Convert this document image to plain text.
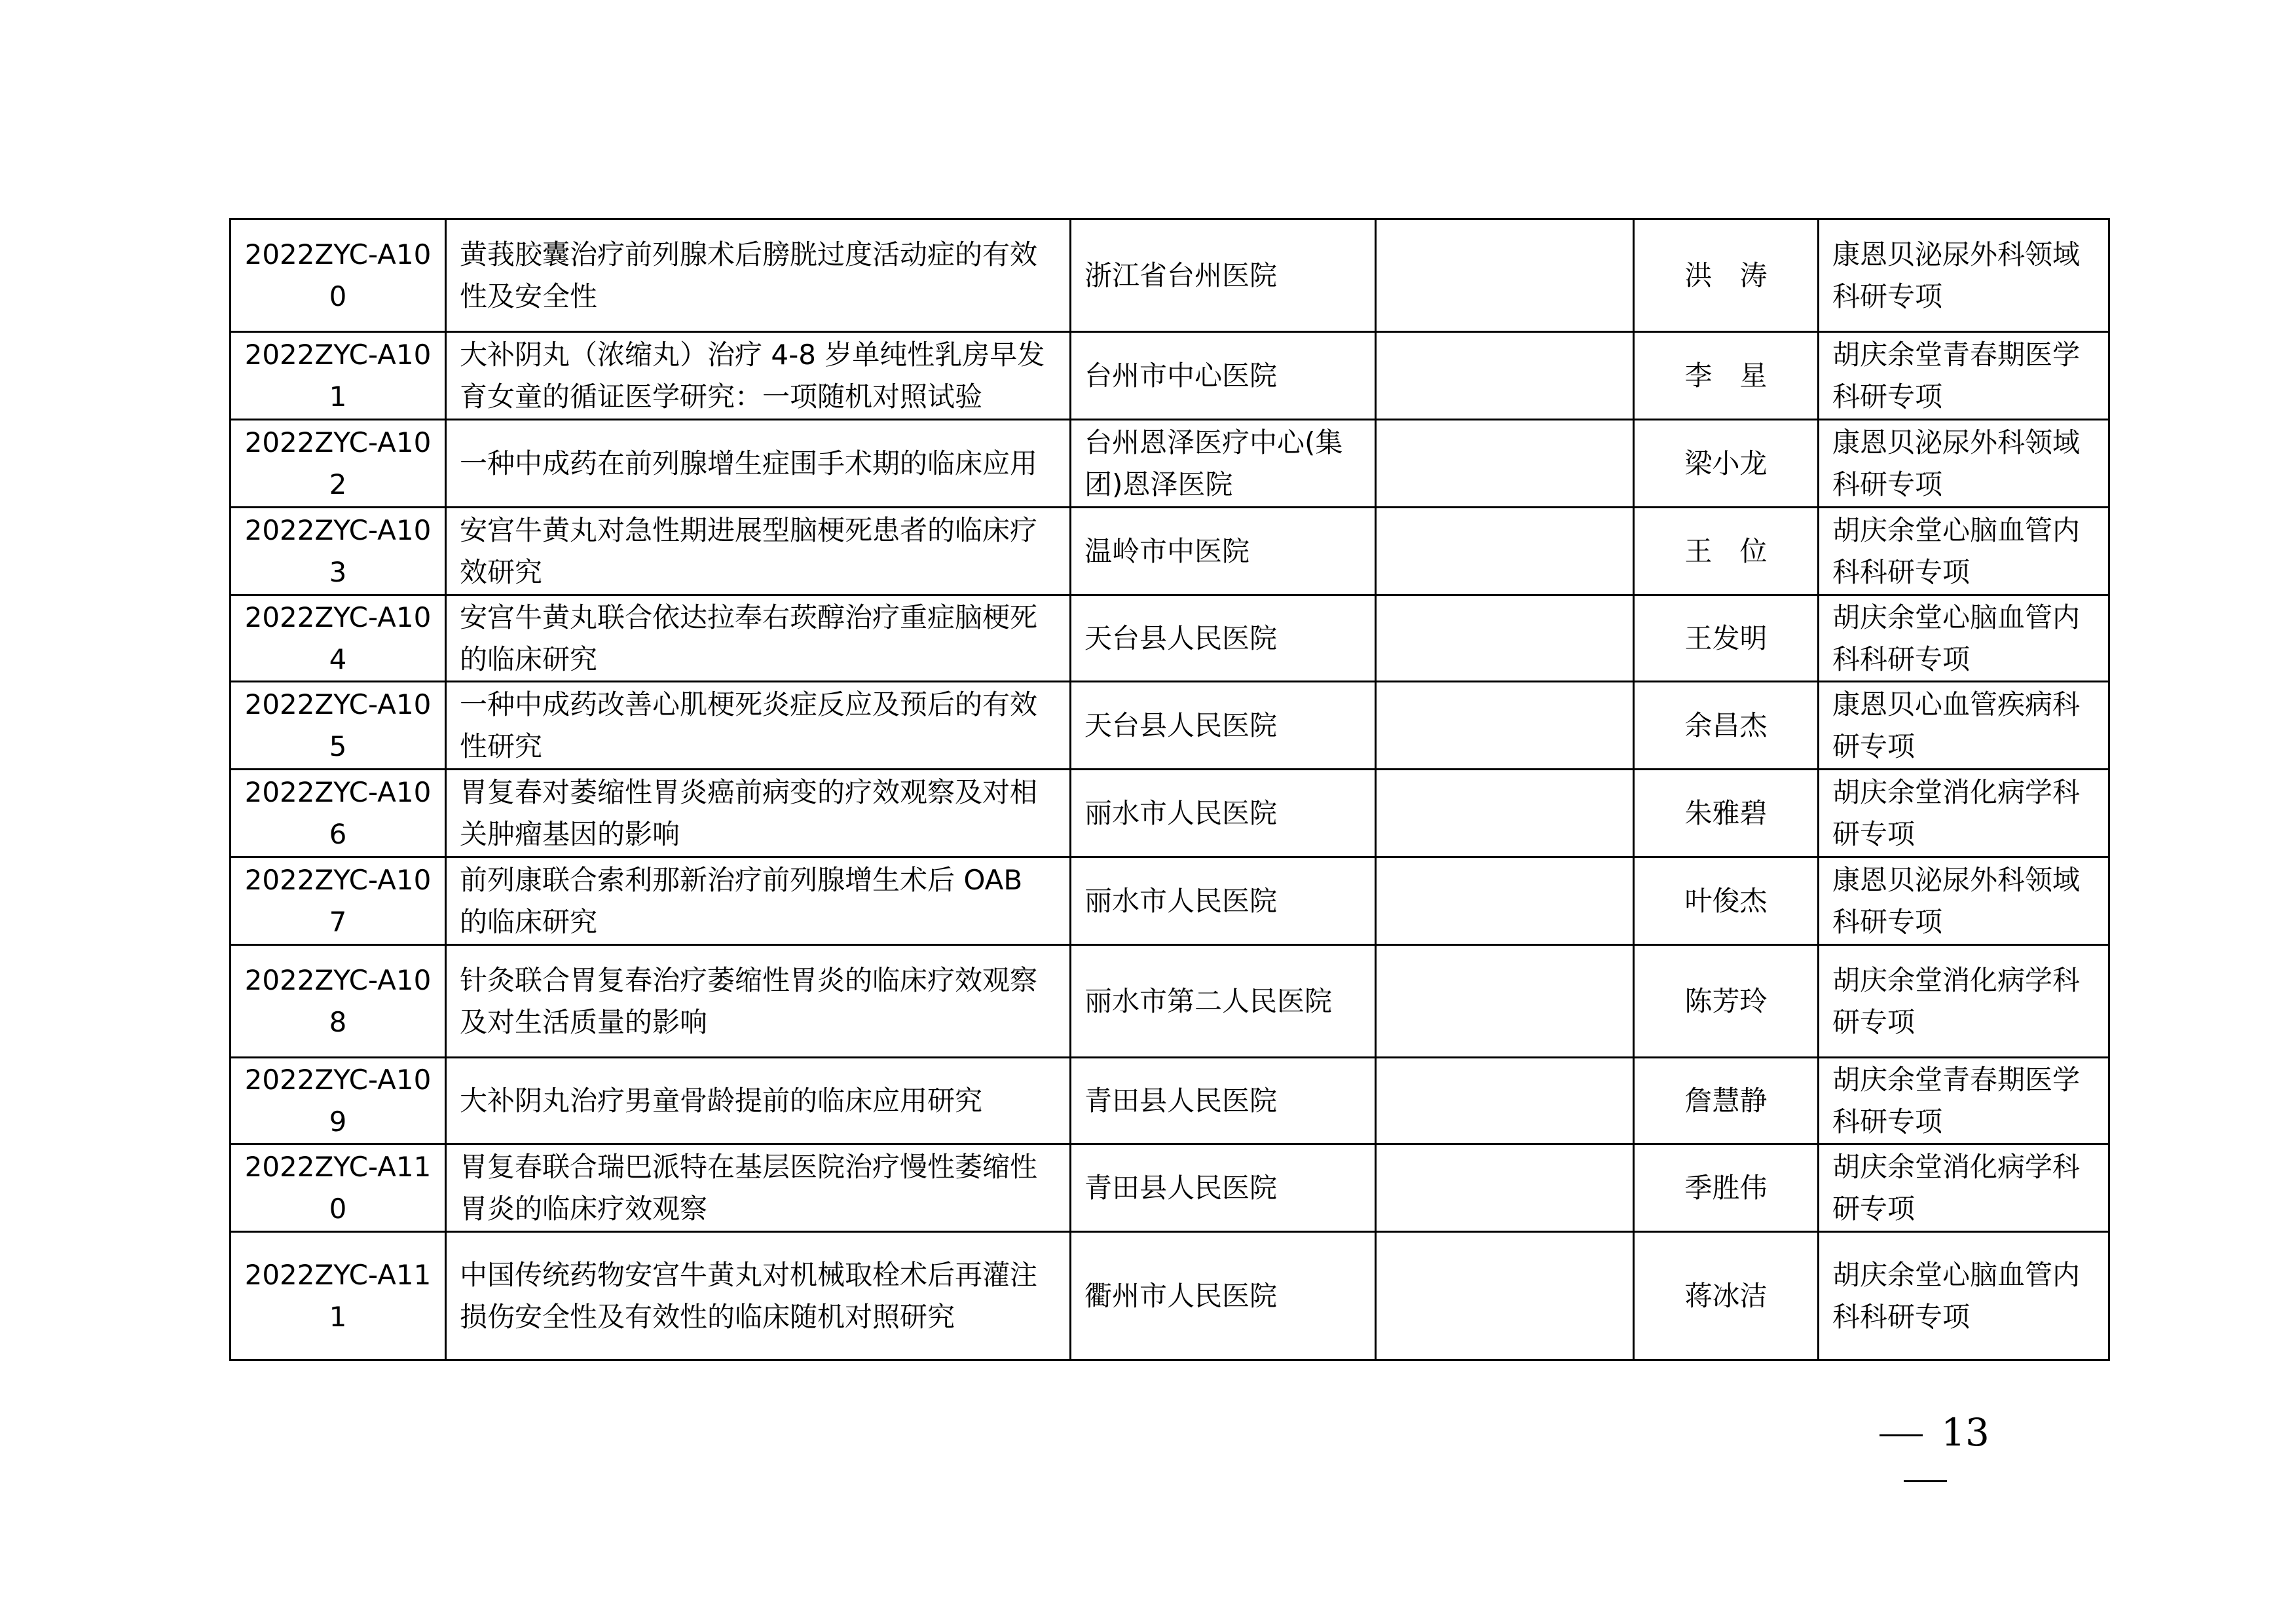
2022ZYC-A100	黄莪胶囊治疗前列腺术后膀胱过度活动症的有效性及安全性	浙江省台州医院		洪　涛	康恩贝泌尿外科领域科研专项
2022ZYC-A101	大补阴丸（浓缩丸）治疗 4-8 岁单纯性乳房早发育女童的循证医学研究：一项随机对照试验	台州市中心医院		李　星	胡庆余堂青春期医学科研专项
2022ZYC-A102	一种中成药在前列腺增生症围手术期的临床应用	台州恩泽医疗中心(集团)恩泽医院		梁小龙	康恩贝泌尿外科领域科研专项
2022ZYC-A103	安宫牛黄丸对急性期进展型脑梗死患者的临床疗效研究	温岭市中医院		王　位	胡庆余堂心脑血管内科科研专项
2022ZYC-A104	安宫牛黄丸联合依达拉奉右莰醇治疗重症脑梗死的临床研究	天台县人民医院		王发明	胡庆余堂心脑血管内科科研专项
2022ZYC-A105	一种中成药改善心肌梗死炎症反应及预后的有效性研究	天台县人民医院		余昌杰	康恩贝心血管疾病科研专项
2022ZYC-A106	胃复春对萎缩性胃炎癌前病变的疗效观察及对相关肿瘤基因的影响	丽水市人民医院		朱雅碧	胡庆余堂消化病学科研专项
2022ZYC-A107	前列康联合索利那新治疗前列腺增生术后 OAB 的临床研究	丽水市人民医院		叶俊杰	康恩贝泌尿外科领域科研专项
2022ZYC-A108	针灸联合胃复春治疗萎缩性胃炎的临床疗效观察及对生活质量的影响	丽水市第二人民医院		陈芳玲	胡庆余堂消化病学科研专项
2022ZYC-A109	大补阴丸治疗男童骨龄提前的临床应用研究	青田县人民医院		詹慧静	胡庆余堂青春期医学科研专项
2022ZYC-A110	胃复春联合瑞巴派特在基层医院治疗慢性萎缩性胃炎的临床疗效观察	青田县人民医院		季胜伟	胡庆余堂消化病学科研专项
2022ZYC-A111	中国传统药物安宫牛黄丸对机械取栓术后再灌注损伤安全性及有效性的临床随机对照研究	衢州市人民医院		蒋冰洁	胡庆余堂心脑血管内科科研专项
13
